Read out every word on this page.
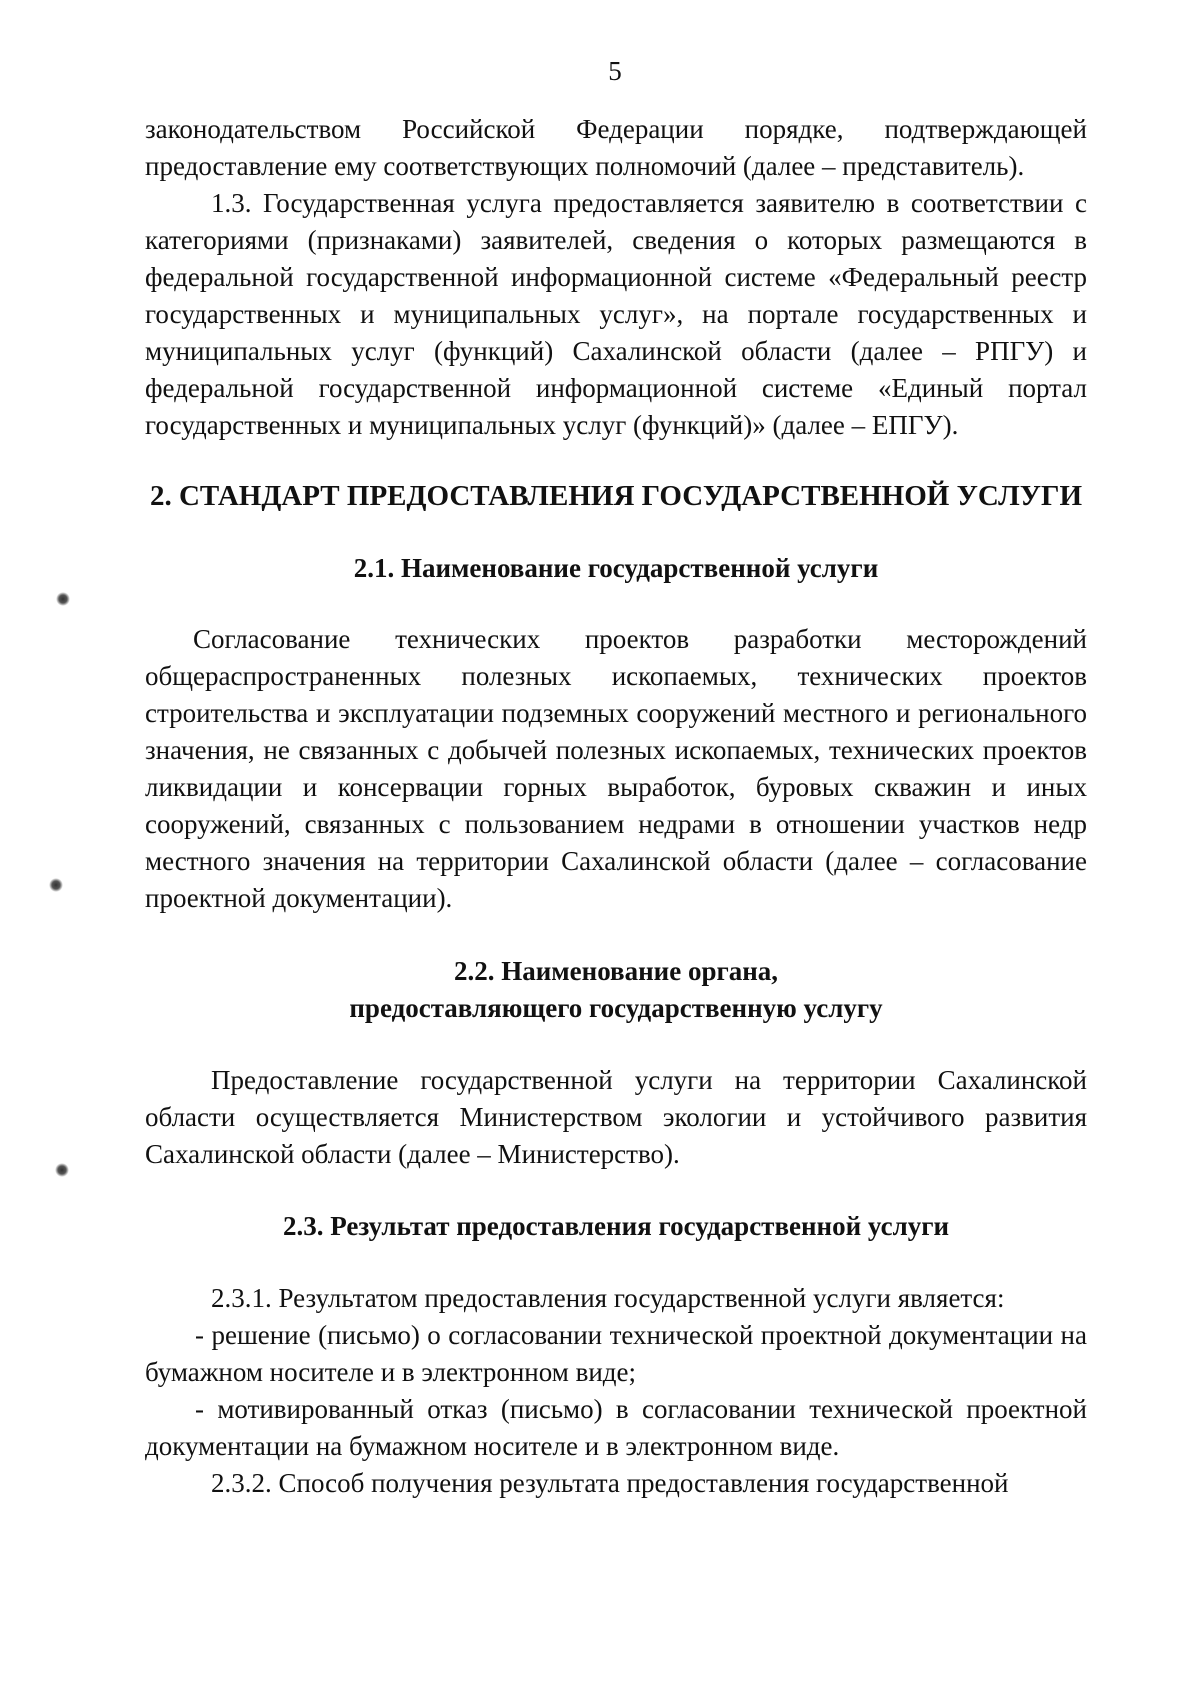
5

законодательством Российской Федерации порядке, подтверждающей предоставление ему соответствующих полномочий (далее – представитель).

1.3. Государственная услуга предоставляется заявителю в соответствии с категориями (признаками) заявителей, сведения о которых размещаются в федеральной государственной информационной системе «Федеральный реестр государственных и муниципальных услуг», на портале государственных и муниципальных услуг (функций) Сахалинской области (далее – РПГУ) и федеральной государственной информационной системе «Единый портал государственных и муниципальных услуг (функций)» (далее – ЕПГУ).

2. СТАНДАРТ ПРЕДОСТАВЛЕНИЯ ГОСУДАРСТВЕННОЙ УСЛУГИ

2.1. Наименование государственной услуги

Согласование технических проектов разработки месторождений общераспространенных полезных ископаемых, технических проектов строительства и эксплуатации подземных сооружений местного и регионального значения, не связанных с добычей полезных ископаемых, технических проектов ликвидации и консервации горных выработок, буровых скважин и иных сооружений, связанных с пользованием недрами в отношении участков недр местного значения на территории Сахалинской области (далее – согласование проектной документации).

2.2. Наименование органа,

предоставляющего государственную услугу

Предоставление государственной услуги на территории Сахалинской области осуществляется Министерством экологии и устойчивого развития Сахалинской области (далее – Министерство).

2.3. Результат предоставления государственной услуги

2.3.1. Результатом предоставления государственной услуги является:

- решение (письмо) о согласовании технической проектной документации на бумажном носителе и в электронном виде;

- мотивированный отказ (письмо) в согласовании технической проектной документации на бумажном носителе и в электронном виде.

2.3.2. Способ получения результата предоставления государственной
